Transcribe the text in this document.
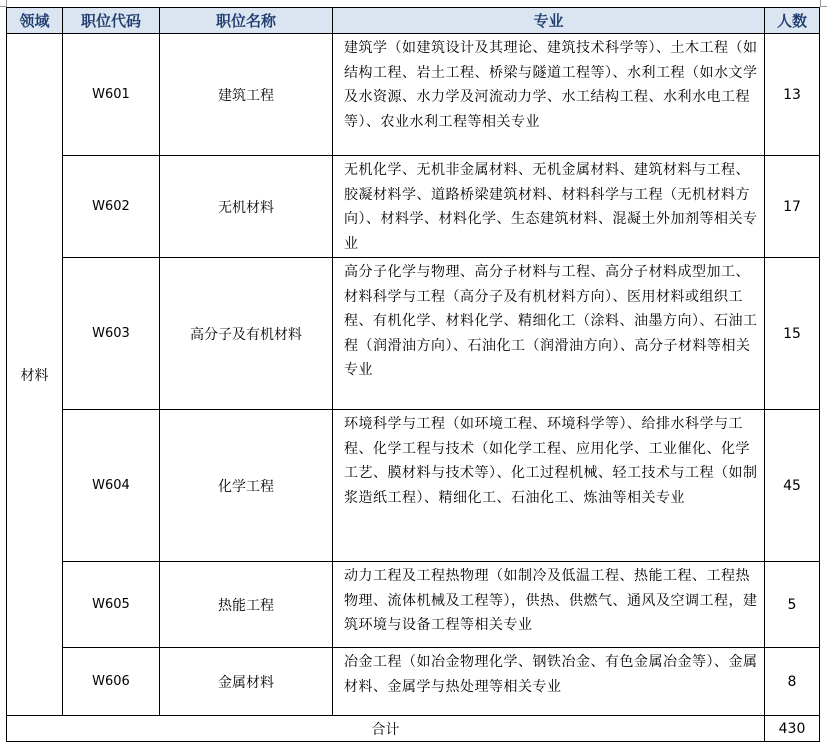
领域	职位代码	职位名称	专业	人数
材料	W601	建筑工程	建筑学（如建筑设计及其理论、建筑技术科学等）、土木工程（如结构工程、岩土工程、桥梁与隧道工程等）、水利工程（如水文学及水资源、水力学及河流动力学、水工结构工程、水利水电工程等）、农业水利工程等相关专业	13
	W602	无机材料	无机化学、无机非金属材料、无机金属材料、建筑材料与工程、胶凝材料学、道路桥梁建筑材料、材料科学与工程（无机材料方向）、材料学、材料化学、生态建筑材料、混凝土外加剂等相关专业	17
	W603	高分子及有机材料	高分子化学与物理、高分子材料与工程、高分子材料成型加工、材料科学与工程（高分子及有机材料方向）、医用材料或组织工程、有机化学、材料化学、精细化工（涂料、油墨方向）、石油工程（润滑油方向）、石油化工（润滑油方向）、高分子材料等相关专业	15
	W604	化学工程	环境科学与工程（如环境工程、环境科学等）、给排水科学与工程、化学工程与技术（如化学工程、应用化学、工业催化、化学工艺、膜材料与技术等）、化工过程机械、轻工技术与工程（如制浆造纸工程）、精细化工、石油化工、炼油等相关专业	45
	W605	热能工程	动力工程及工程热物理（如制冷及低温工程、热能工程、工程热物理、流体机械及工程等），供热、供燃气、通风及空调工程，建筑环境与设备工程等相关专业	5
	W606	金属材料	冶金工程（如冶金物理化学、钢铁冶金、有色金属冶金等）、金属材料、金属学与热处理等相关专业	8
合计				430
